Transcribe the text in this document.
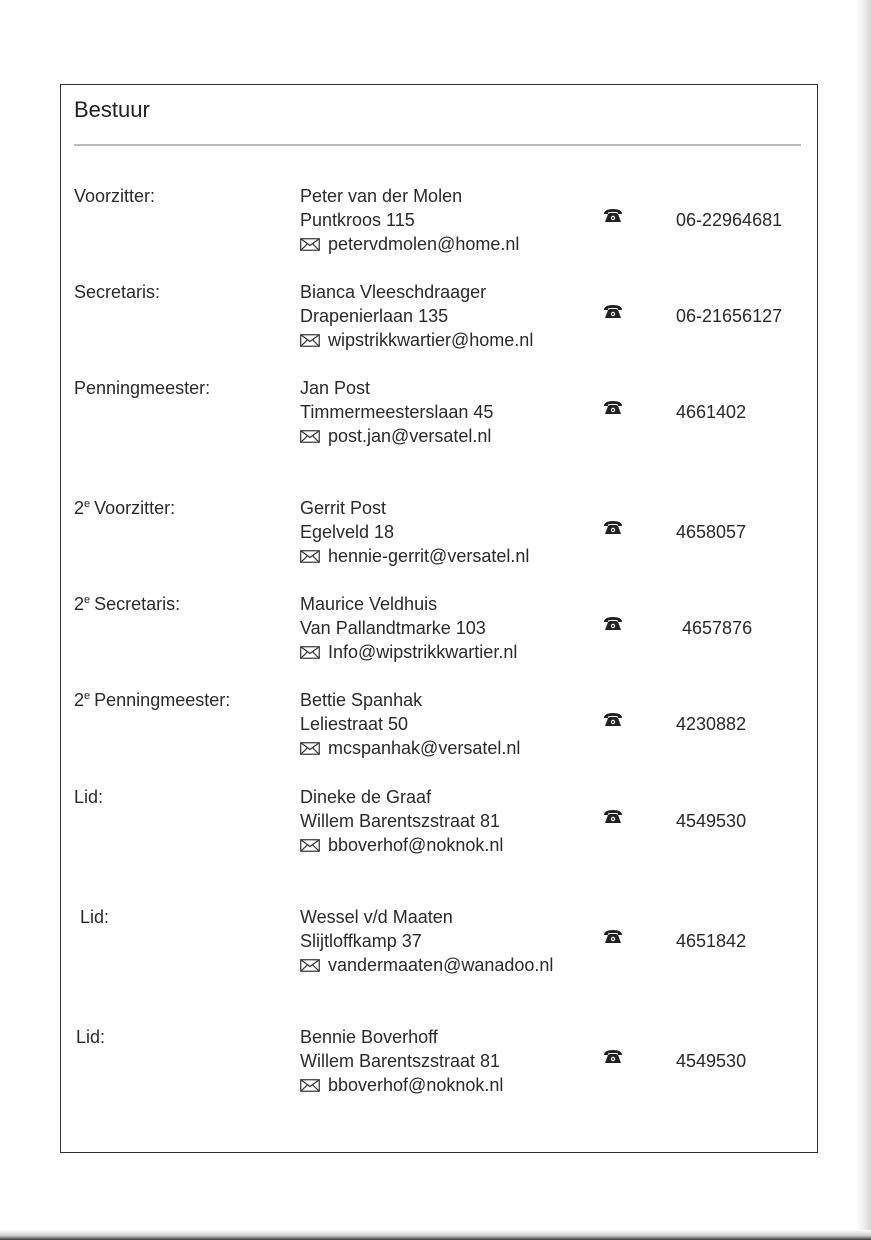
Bestuur
Voorzitter:	Peter van der Molen
Puntkroos 115
petervdmolen@home.nl
06-22964681
Secretaris:	Bianca Vleeschdraager
Drapenierlaan 135
wipstrikkwartier@home.nl
06-21656127
Penningmeester:	Jan Post
Timmermeesterslaan 45
post.jan@versatel.nl
4661402
2e Voorzitter:	Gerrit Post
Egelveld 18
hennie-gerrit@versatel.nl
4658057
2e Secretaris:	Maurice Veldhuis
Van Pallandtmarke 103
Info@wipstrikkwartier.nl
4657876
2e Penningmeester:	Bettie Spanhak
Leliestraat 50
mcspanhak@versatel.nl
4230882
Lid:	Dineke de Graaf
Willem Barentszstraat 81
bboverhof@noknok.nl
4549530
Lid:	Wessel v/d Maaten
Slijtloffkamp 37
vandermaaten@wanadoo.nl
4651842
Lid:	Bennie Boverhoff
Willem Barentszstraat 81
bboverhof@noknok.nl
4549530
